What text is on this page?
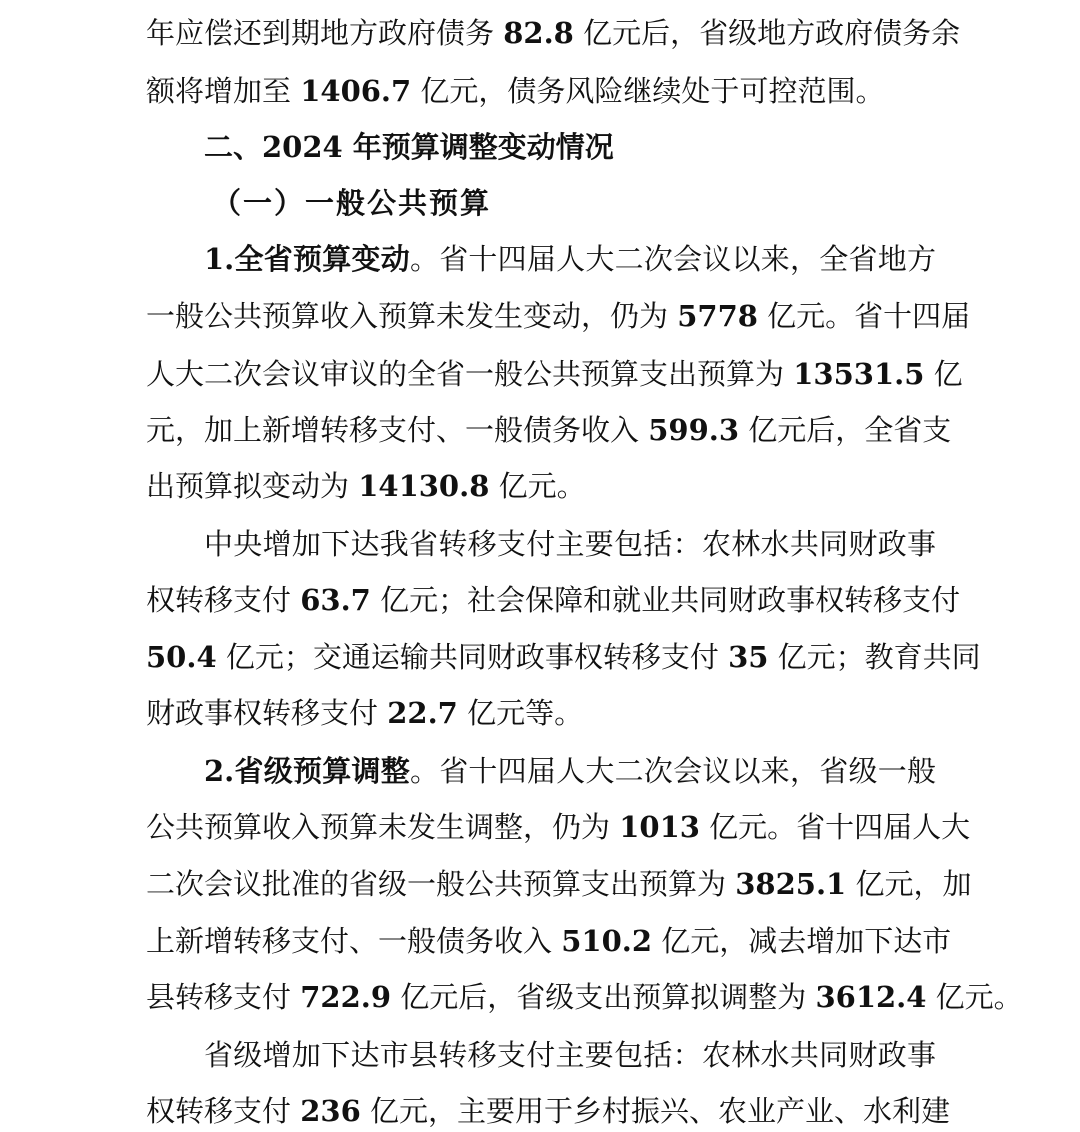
年应偿还到期地方政府债务 82.8 亿元后，省级地方政府债务余
额将增加至 1406.7 亿元，债务风险继续处于可控范围。
二、2024 年预算调整变动情况
（一）一般公共预算
1.全省预算变动。省十四届人大二次会议以来，全省地方
一般公共预算收入预算未发生变动，仍为 5778 亿元。省十四届
人大二次会议审议的全省一般公共预算支出预算为 13531.5 亿
元，加上新增转移支付、一般债务收入 599.3 亿元后，全省支
出预算拟变动为 14130.8 亿元。
中央增加下达我省转移支付主要包括：农林水共同财政事
权转移支付 63.7 亿元；社会保障和就业共同财政事权转移支付
50.4 亿元；交通运输共同财政事权转移支付 35 亿元；教育共同
财政事权转移支付 22.7 亿元等。
2.省级预算调整。省十四届人大二次会议以来，省级一般
公共预算收入预算未发生调整，仍为 1013 亿元。省十四届人大
二次会议批准的省级一般公共预算支出预算为 3825.1 亿元，加
上新增转移支付、一般债务收入 510.2 亿元，减去增加下达市
县转移支付 722.9 亿元后，省级支出预算拟调整为 3612.4 亿元。
省级增加下达市县转移支付主要包括：农林水共同财政事
权转移支付 236 亿元，主要用于乡村振兴、农业产业、水利建
